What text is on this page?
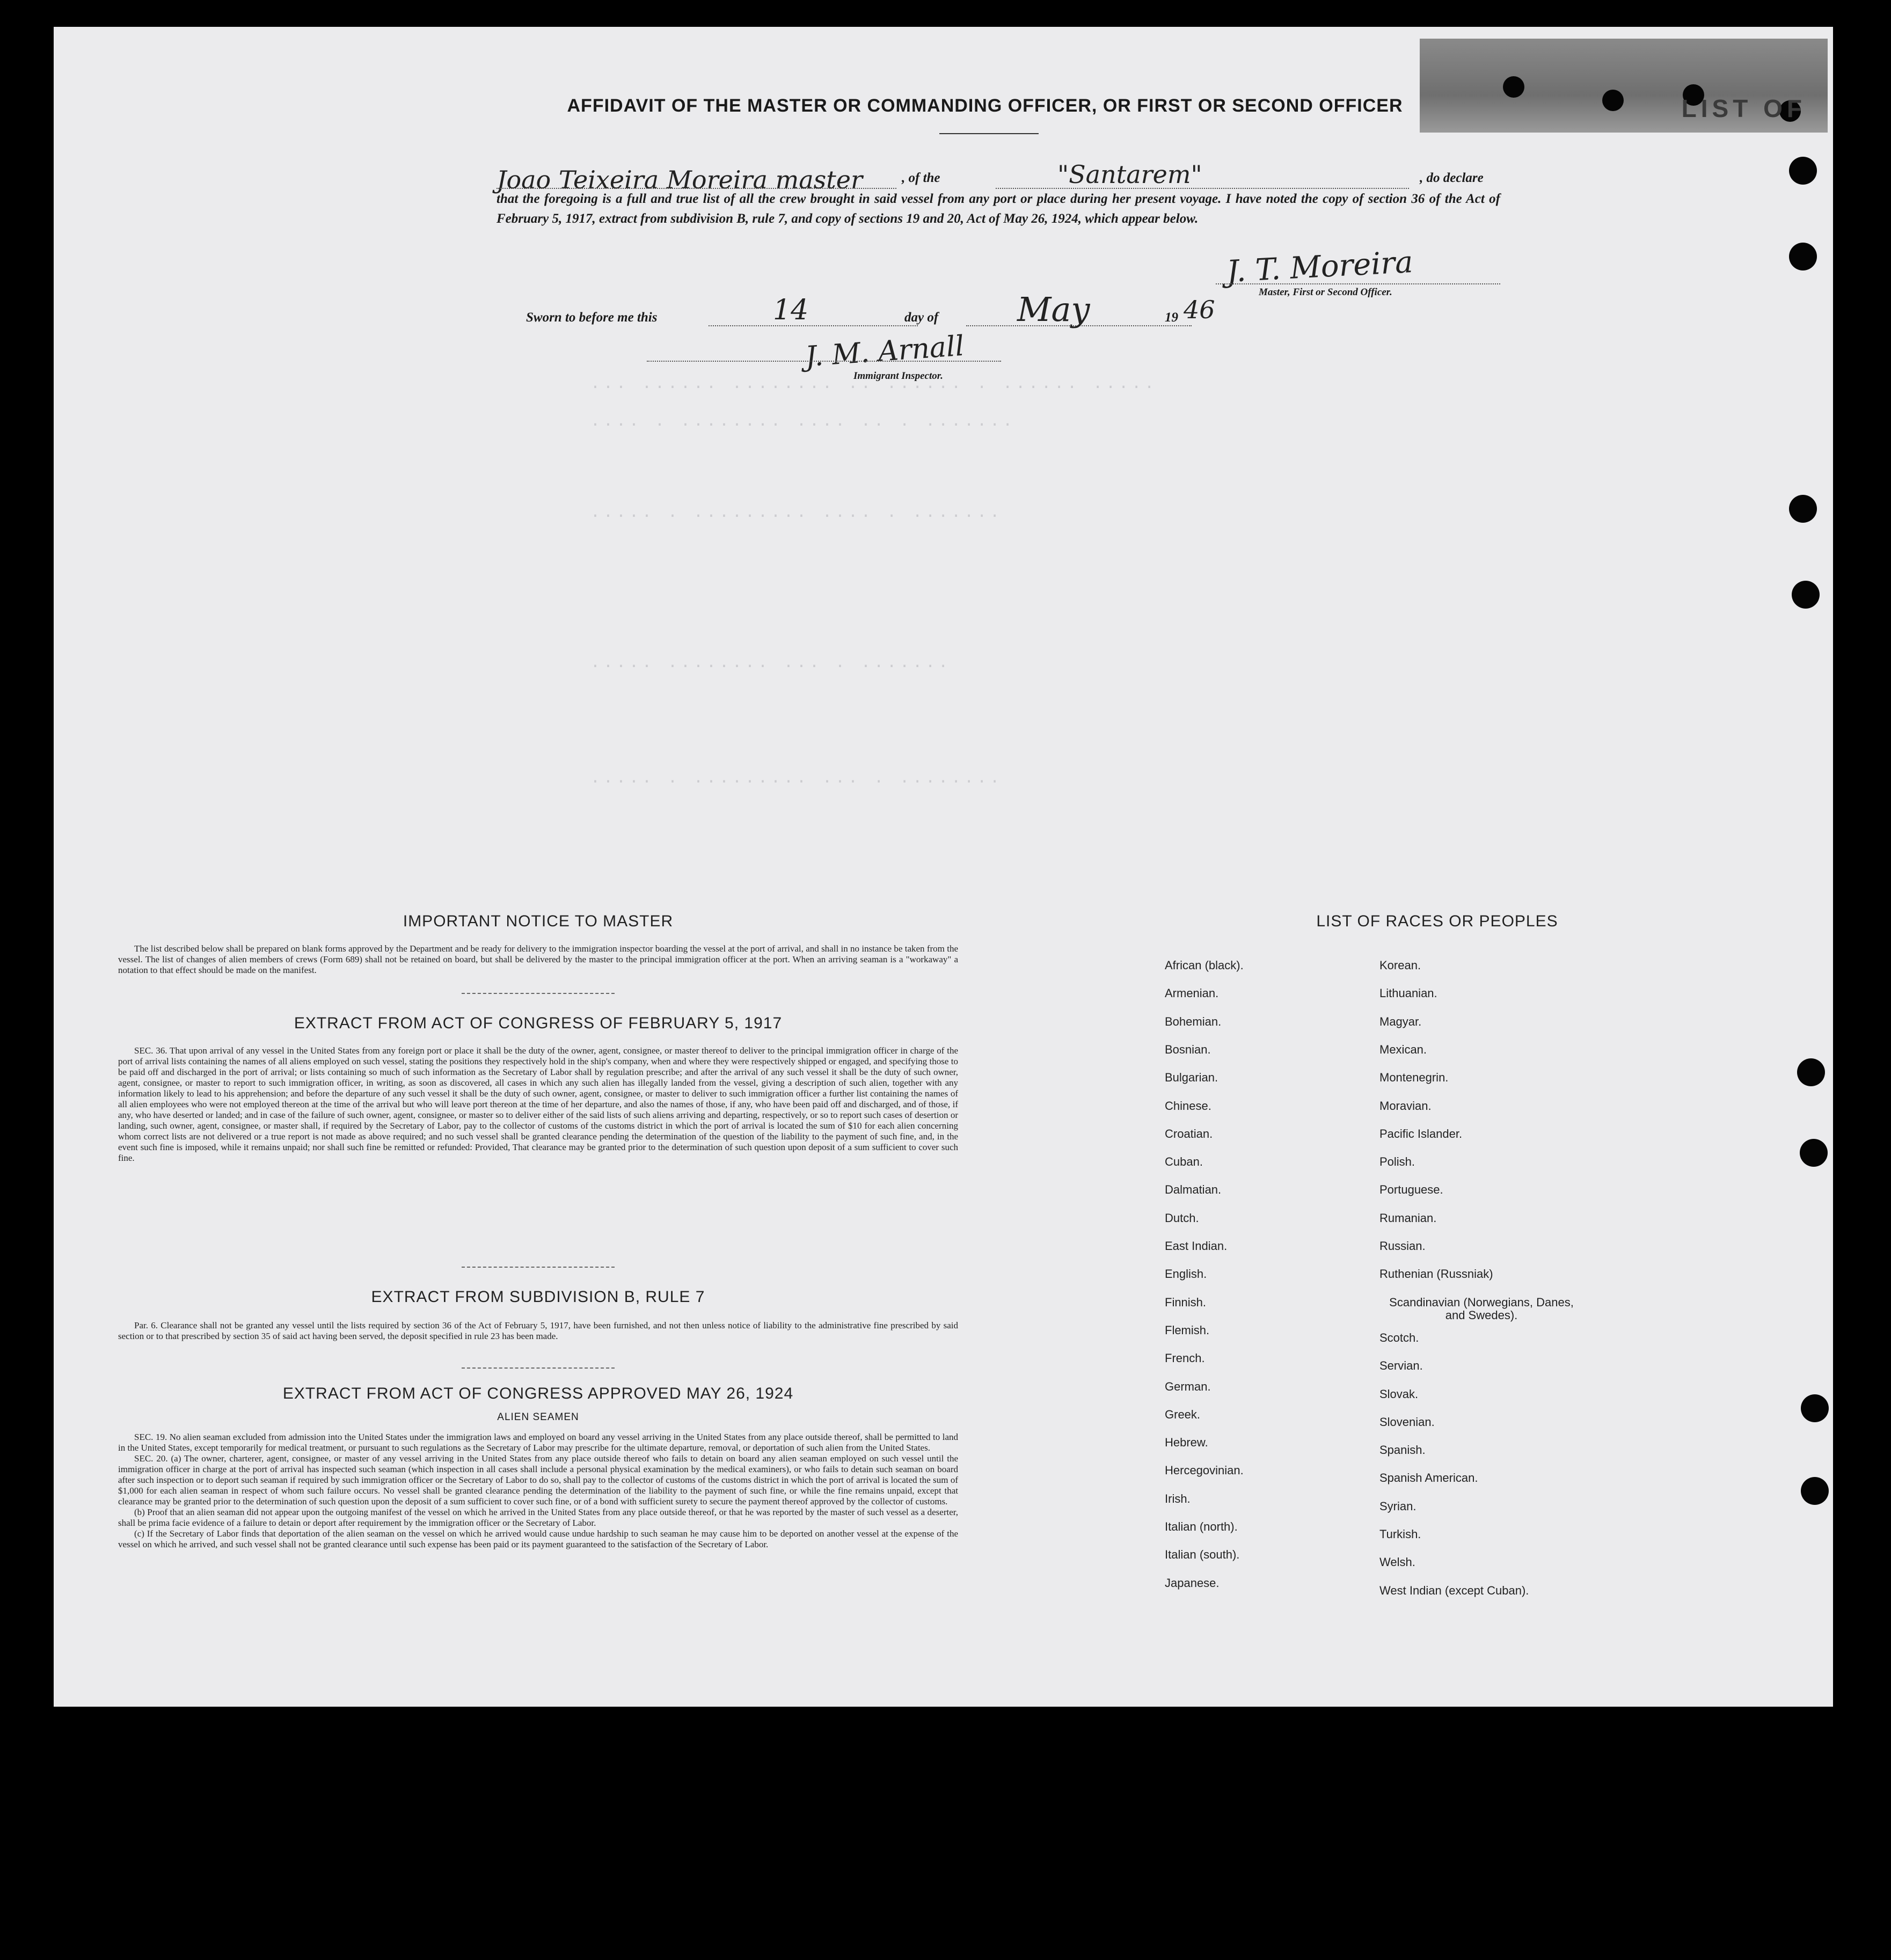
LIST OF
··· ······ ········ ·· ······ · ······ ·····
···· · ········ ···· ·· · ·······
····· · ········· ···· · ·······
····· ········ ··· · ·······
····· · ········· ··· · ········
AFFIDAVIT OF THE MASTER OR COMMANDING OFFICER, OR FIRST OR SECOND OFFICER
Joao Teixeira Moreira master	, of the	"Santarem"	, do declare
that the foregoing is a full and true list of all the crew brought in said vessel from any port or place during her present voyage. I have noted the copy of section 36 of the Act of February 5, 1917, extract from subdivision B, rule 7, and copy of sections 19 and 20, Act of May 26, 1924, which appear below.
J. T. Moreira
Master, First or Second Officer.
Sworn to before me this	14	day of May	19 46
J. M. Arnall
Immigrant Inspector.
IMPORTANT NOTICE TO MASTER

The list described below shall be prepared on blank forms approved by the Department and be ready for delivery to the immigration inspector boarding the vessel at the port of arrival, and shall in no instance be taken from the vessel. The list of changes of alien members of crews (Form 689) shall not be retained on board, but shall be delivered by the master to the principal immigration officer at the port. When an arriving seaman is a "workaway" a notation to that effect should be made on the manifest.

EXTRACT FROM ACT OF CONGRESS OF FEBRUARY 5, 1917

SEC. 36. That upon arrival of any vessel in the United States from any foreign port or place it shall be the duty of the owner, agent, consignee, or master thereof to deliver to the principal immigration officer in charge of the port of arrival lists containing the names of all aliens employed on such vessel, stating the positions they respectively hold in the ship's company, when and where they were respectively shipped or engaged, and specifying those to be paid off and discharged in the port of arrival; or lists containing so much of such information as the Secretary of Labor shall by regulation prescribe; and after the arrival of any such vessel it shall be the duty of such owner, agent, consignee, or master to report to such immigration officer, in writing, as soon as discovered, all cases in which any such alien has illegally landed from the vessel, giving a description of such alien, together with any information likely to lead to his apprehension; and before the departure of any such vessel it shall be the duty of such owner, agent, consignee, or master to deliver to such immigration officer a further list containing the names of all alien employees who were not employed thereon at the time of the arrival but who will leave port thereon at the time of her departure, and also the names of those, if any, who have been paid off and discharged, and of those, if any, who have deserted or landed; and in case of the failure of such owner, agent, consignee, or master so to deliver either of the said lists of such aliens arriving and departing, respectively, or so to report such cases of desertion or landing, such owner, agent, consignee, or master shall, if required by the Secretary of Labor, pay to the collector of customs of the customs district in which the port of arrival is located the sum of $10 for each alien concerning whom correct lists are not delivered or a true report is not made as above required; and no such vessel shall be granted clearance pending the determination of the question of the liability to the payment of such fine, and, in the event such fine is imposed, while it remains unpaid; nor shall such fine be remitted or refunded: Provided, That clearance may be granted prior to the determination of such question upon deposit of a sum sufficient to cover such fine.

EXTRACT FROM SUBDIVISION B, RULE 7

Par. 6. Clearance shall not be granted any vessel until the lists required by section 36 of the Act of February 5, 1917, have been furnished, and not then unless notice of liability to the administrative fine prescribed by said section or to that prescribed by section 35 of said act having been served, the deposit specified in rule 23 has been made.

EXTRACT FROM ACT OF CONGRESS APPROVED MAY 26, 1924
ALIEN SEAMEN

SEC. 19. No alien seaman excluded from admission into the United States under the immigration laws and employed on board any vessel arriving in the United States from any place outside thereof, shall be permitted to land in the United States, except temporarily for medical treatment, or pursuant to such regulations as the Secretary of Labor may prescribe for the ultimate departure, removal, or deportation of such alien from the United States.

SEC. 20. (a) The owner, charterer, agent, consignee, or master of any vessel arriving in the United States from any place outside thereof who fails to detain on board any alien seaman employed on such vessel until the immigration officer in charge at the port of arrival has inspected such seaman (which inspection in all cases shall include a personal physical examination by the medical examiners), or who fails to detain such seaman on board after such inspection or to deport such seaman if required by such immigration officer or the Secretary of Labor to do so, shall pay to the collector of customs of the customs district in which the port of arrival is located the sum of $1,000 for each alien seaman in respect of whom such failure occurs. No vessel shall be granted clearance pending the determination of the liability to the payment of such fine, or while the fine remains unpaid, except that clearance may be granted prior to the determination of such question upon the deposit of a sum sufficient to cover such fine, or of a bond with sufficient surety to secure the payment thereof approved by the collector of customs.

(b) Proof that an alien seaman did not appear upon the outgoing manifest of the vessel on which he arrived in the United States from any place outside thereof, or that he was reported by the master of such vessel as a deserter, shall be prima facie evidence of a failure to detain or deport after requirement by the immigration officer or the Secretary of Labor.

(c) If the Secretary of Labor finds that deportation of the alien seaman on the vessel on which he arrived would cause undue hardship to such seaman he may cause him to be deported on another vessel at the expense of the vessel on which he arrived, and such vessel shall not be granted clearance until such expense has been paid or its payment guaranteed to the satisfaction of the Secretary of Labor.

LIST OF RACES OR PEOPLES
African (black).
Armenian.
Bohemian.
Bosnian.
Bulgarian.
Chinese.
Croatian.
Cuban.
Dalmatian.
Dutch.
East Indian.
English.
Finnish.
Flemish.
French.
German.
Greek.
Hebrew.
Hercegovinian.
Irish.
Italian (north).
Italian (south).
Japanese.
Korean.
Lithuanian.
Magyar.
Mexican.
Montenegrin.
Moravian.
Pacific Islander.
Polish.
Portuguese.
Rumanian.
Russian.
Ruthenian (Russniak)
Scandinavian (Norwegians, Danes, and Swedes).
Scotch.
Servian.
Slovak.
Slovenian.
Spanish.
Spanish American.
Syrian.
Turkish.
Welsh.
West Indian (except Cuban).
